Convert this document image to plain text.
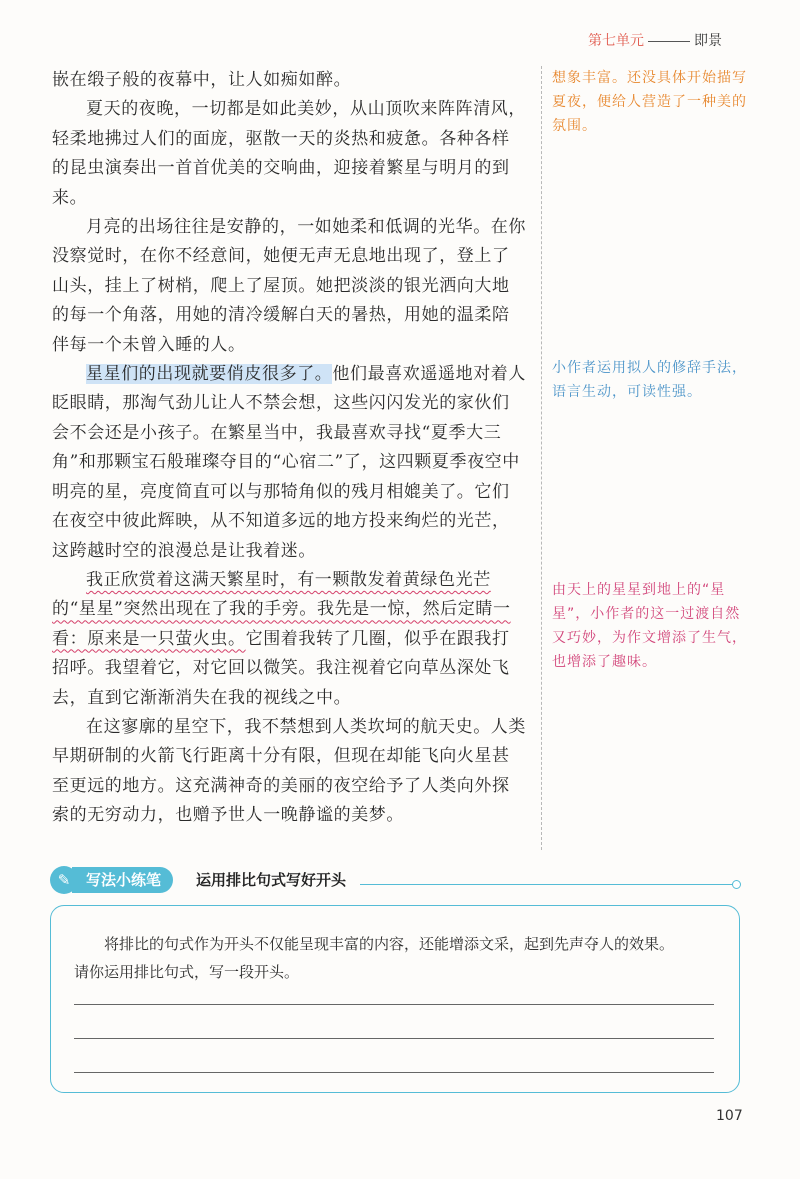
第七单元	即景

嵌在缎子般的夜幕中，让人如痴如醉。

夏天的夜晚，一切都是如此美妙，从山顶吹来阵阵清风，轻柔地拂过人们的面庞，驱散一天的炎热和疲惫。各种各样的昆虫演奏出一首首优美的交响曲，迎接着繁星与明月的到来。

月亮的出场往往是安静的，一如她柔和低调的光华。在你没察觉时，在你不经意间，她便无声无息地出现了，登上了山头，挂上了树梢，爬上了屋顶。她把淡淡的银光洒向大地的每一个角落，用她的清冷缓解白天的暑热，用她的温柔陪伴每一个未曾入睡的人。

星星们的出现就要俏皮很多了。他们最喜欢遥遥地对着人眨眼睛，那淘气劲儿让人不禁会想，这些闪闪发光的家伙们会不会还是小孩子。在繁星当中，我最喜欢寻找“夏季大三角”和那颗宝石般璀璨夺目的“心宿二”了，这四颗夏季夜空中明亮的星，亮度简直可以与那犄角似的残月相媲美了。它们在夜空中彼此辉映，从不知道多远的地方投来绚烂的光芒，这跨越时空的浪漫总是让我着迷。

我正欣赏着这满天繁星时，有一颗散发着黄绿色光芒的“星星”突然出现在了我的手旁。我先是一惊，然后定睛一看：原来是一只萤火虫。它围着我转了几圈，似乎在跟我打招呼。我望着它，对它回以微笑。我注视着它向草丛深处飞去，直到它渐渐消失在我的视线之中。

在这寥廓的星空下，我不禁想到人类坎坷的航天史。人类早期研制的火箭飞行距离十分有限，但现在却能飞向火星甚至更远的地方。这充满神奇的美丽的夜空给予了人类向外探索的无穷动力，也赠予世人一晚静谧的美梦。

想象丰富。还没具体开始描写夏夜，便给人营造了一种美的氛围。
小作者运用拟人的修辞手法，语言生动，可读性强。
由天上的星星到地上的“星星”，小作者的这一过渡自然又巧妙，为作文增添了生气，也增添了趣味。
✎	写法小练笔	运用排比句式写好开头

将排比的句式作为开头不仅能呈现丰富的内容，还能增添文采，起到先声夺人的效果。

请你运用排比句式，写一段开头。

107
